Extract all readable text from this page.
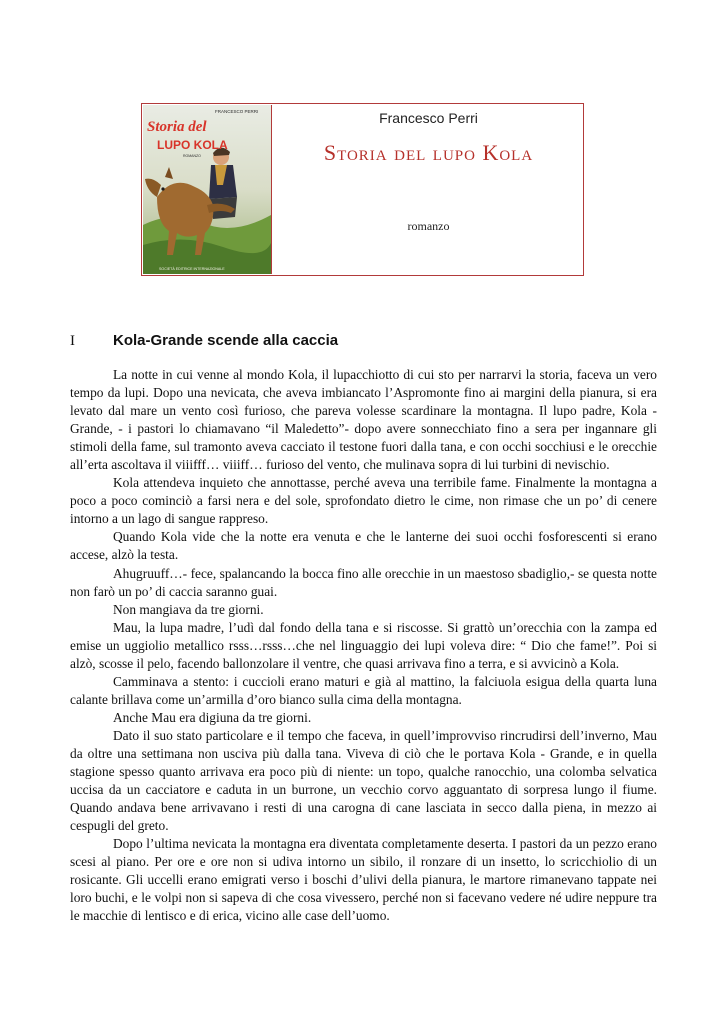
FRANCESCO PERRI
Storia del
LUPO KOLA
ROMANZO
SOCIETÀ EDITRICE INTERNAZIONALE
Francesco Perri
Storia del lupo Kola
romanzo
I	Kola-Grande scende alla caccia

La notte in cui venne al mondo Kola, il lupacchiotto di cui sto per narrarvi la storia, faceva un vero tempo da lupi. Dopo una nevicata, che aveva imbiancato l’Aspromonte fino ai margini della pianura, si era levato dal mare un vento così furioso, che pareva volesse scardinare la montagna. Il lupo padre, Kola - Grande, - i pastori lo chiamavano “il Maledetto”- dopo avere sonnecchiato fino a sera per ingannare gli stimoli della fame, sul tramonto aveva cacciato il testone fuori dalla tana, e con occhi socchiusi e le orecchie all’erta ascoltava il viiifff… viiiff… furioso del vento, che mulinava sopra di lui turbini di nevischio.

Kola attendeva inquieto che annottasse, perché aveva una terribile fame. Finalmente la montagna a poco a poco cominciò a farsi nera e del sole, sprofondato dietro le cime, non rimase che un po’ di cenere intorno a un lago di sangue rappreso.

Quando Kola vide che la notte era venuta e che le lanterne dei suoi occhi fosforescenti si erano accese, alzò la testa.

Ahugruuff…- fece, spalancando la bocca fino alle orecchie in un maestoso sbadiglio,- se questa notte non farò un po’ di caccia saranno guai.

Non mangiava da tre giorni.

Mau, la lupa madre, l’udì dal fondo della tana e si riscosse. Si grattò un’orecchia con la zampa ed emise un uggiolio metallico rsss…rsss…che nel linguaggio dei lupi voleva dire: “ Dio che fame!”. Poi si alzò, scosse il pelo, facendo ballonzolare il ventre, che quasi arrivava fino a terra, e si avvicinò a Kola.

Camminava a stento: i cuccioli erano maturi e già al mattino, la falciuola esigua della quarta luna calante brillava come un’armilla d’oro bianco sulla cima della montagna.

Anche Mau era digiuna da tre giorni.

Dato il suo stato particolare e il tempo che faceva, in quell’improvviso rincrudirsi dell’inverno, Mau da oltre una settimana non usciva più dalla tana. Viveva di ciò che le portava Kola - Grande, e in quella stagione spesso quanto arrivava era poco più di niente: un topo, qualche ranocchio, una colomba selvatica uccisa da un cacciatore e caduta in un burrone, un vecchio corvo agguantato di sorpresa lungo il fiume. Quando andava bene arrivavano i resti di una carogna di cane lasciata in secco dalla piena, in mezzo ai cespugli del greto.

Dopo l’ultima nevicata la montagna era diventata completamente deserta. I pastori da un pezzo erano scesi al piano. Per ore e ore non si udiva intorno un sibilo, il ronzare di un insetto, lo scricchiolio di un rosicante. Gli uccelli erano emigrati verso i boschi d’ulivi della pianura, le martore rimanevano tappate nei loro buchi, e le volpi non si sapeva di che cosa vivessero, perché non si facevano vedere né udire neppure tra le macchie di lentisco e di erica, vicino alle case dell’uomo.
